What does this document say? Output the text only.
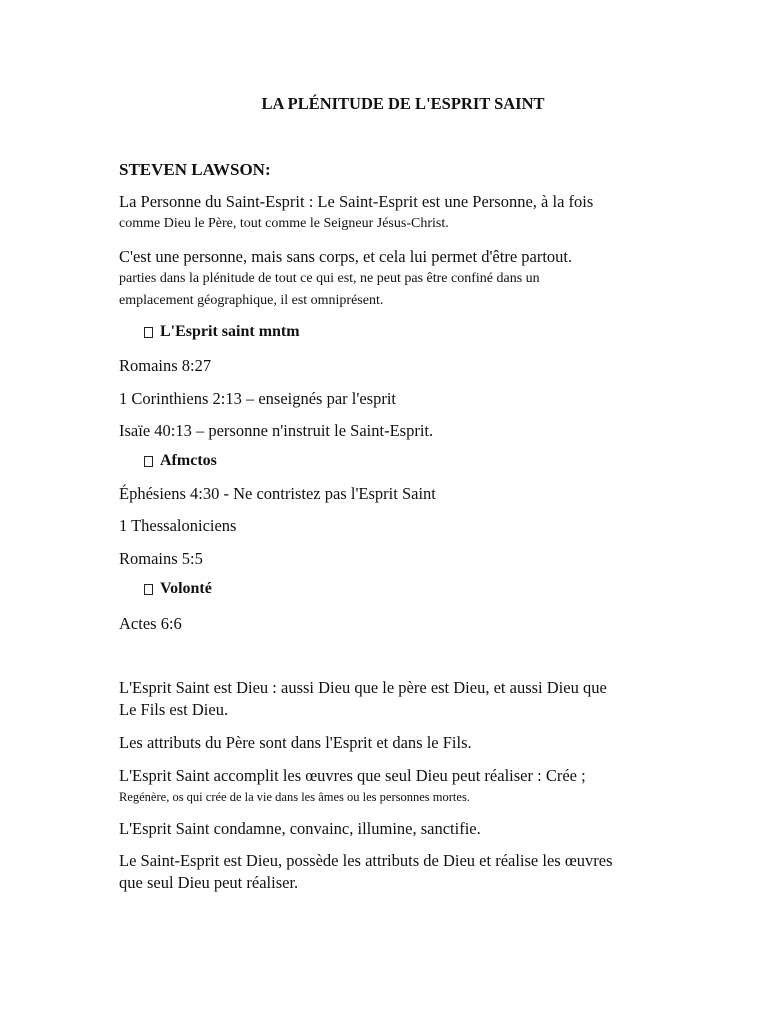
LA PLÉNITUDE DE L'ESPRIT SAINT
STEVEN LAWSON:
La Personne du Saint-Esprit : Le Saint-Esprit est une Personne, à la fois
comme Dieu le Père, tout comme le Seigneur Jésus-Christ.
C'est une personne, mais sans corps, et cela lui permet d'être partout.
parties dans la plénitude de tout ce qui est, ne peut pas être confiné dans un
emplacement géographique, il est omniprésent.
L'Esprit saint mntm
Romains 8:27
1 Corinthiens 2:13 – enseignés par l'esprit
Isaïe 40:13 – personne n'instruit le Saint-Esprit.
Afmctos
Éphésiens 4:30 - Ne contristez pas l'Esprit Saint
1 Thessaloniciens
Romains 5:5
Volonté
Actes 6:6
L'Esprit Saint est Dieu : aussi Dieu que le père est Dieu, et aussi Dieu que
Le Fils est Dieu.
Les attributs du Père sont dans l'Esprit et dans le Fils.
L'Esprit Saint accomplit les œuvres que seul Dieu peut réaliser : Crée ;
Regénère, os qui crée de la vie dans les âmes ou les personnes mortes.
L'Esprit Saint condamne, convainc, illumine, sanctifie.
Le Saint-Esprit est Dieu, possède les attributs de Dieu et réalise les œuvres
que seul Dieu peut réaliser.
